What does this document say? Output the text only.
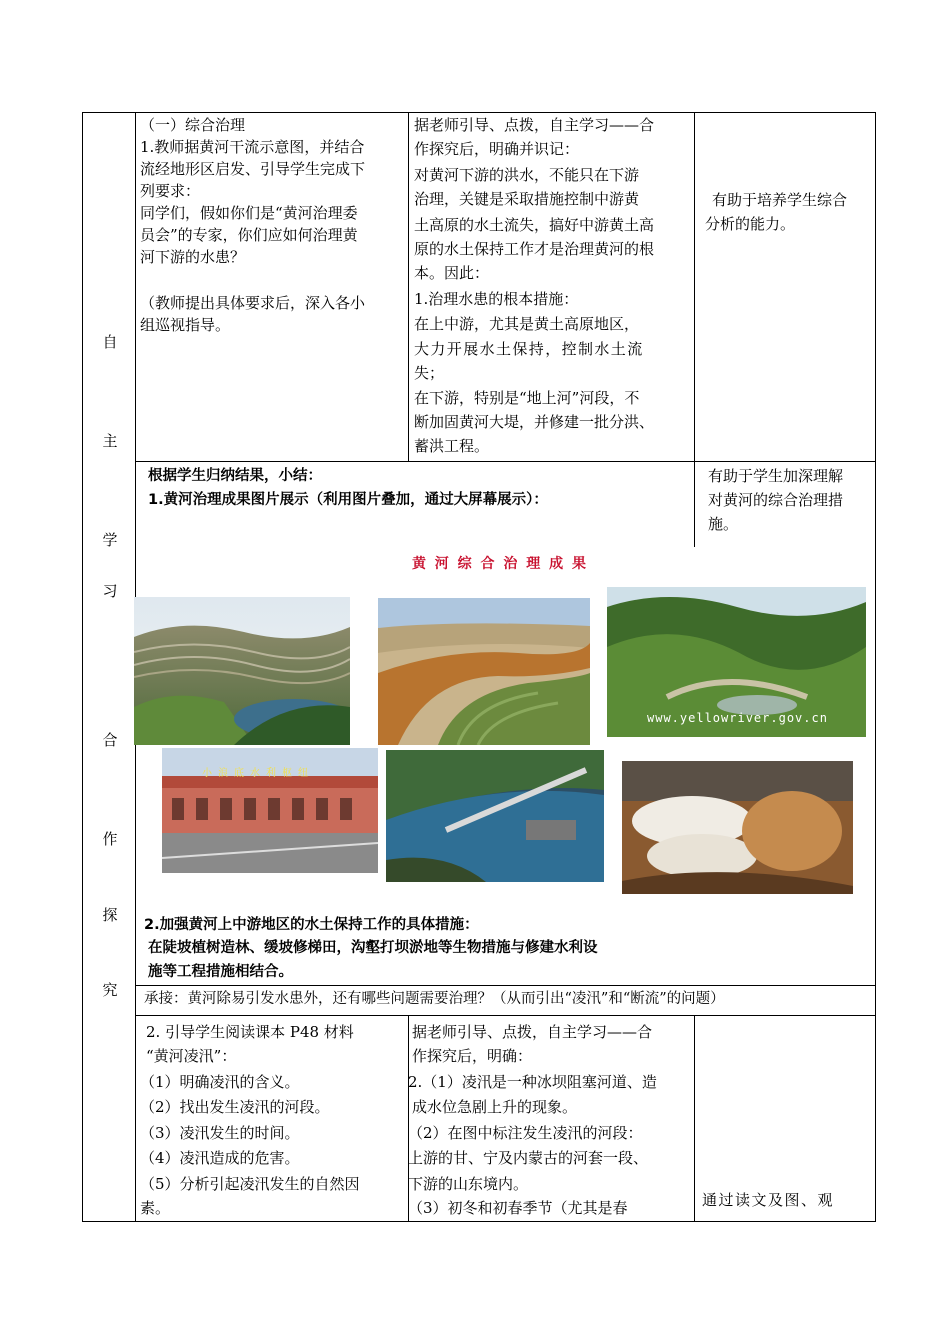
自
主
学
习
合
作
探
究
（一）综合治理
1.教师据黄河干流示意图，并结合
流经地形区启发、引导学生完成下
列要求：
同学们，假如你们是“黄河治理委
员会”的专家，你们应如何治理黄
河下游的水患？
（教师提出具体要求后，深入各小
组巡视指导。
据老师引导、点拨，自主学习——合
作探究后，明确并识记：
对黄河下游的洪水，不能只在下游
治理，关键是采取措施控制中游黄
土高原的水土流失，搞好中游黄土高
原的水土保持工作才是治理黄河的根
本。因此：
1.治理水患的根本措施：
在上中游，尤其是黄土高原地区，
大力开展水土保持，控制水土流
失；
在下游，特别是“地上河”河段，不
断加固黄河大堤，并修建一批分洪、
蓄洪工程。
有助于培养学生综合
分析的能力。
根据学生归纳结果，小结：
1.黄河治理成果图片展示（利用图片叠加，通过大屏幕展示）：
有助于学生加深理解
对黄河的综合治理措
施。
黄 河 综 合 治 理 成 果
www.yellowriver.gov.cn
小浪底水利枢纽
2.加强黄河上中游地区的水土保持工作的具体措施：
在陡坡植树造林、缓坡修梯田，沟壑打坝淤地等生物措施与修建水利设
施等工程措施相结合。
承接：黄河除易引发水患外，还有哪些问题需要治理？（从而引出“凌汛”和“断流”的问题）
2. 引导学生阅读课本 P48 材料
“黄河凌汛”：
（1）明确凌汛的含义。
（2）找出发生凌汛的河段。
（3）凌汛发生的时间。
（4）凌汛造成的危害。
（5）分析引起凌汛发生的自然因
素。
据老师引导、点拨，自主学习——合
作探究后，明确：
2.（1）凌汛是一种冰坝阻塞河道、造
成水位急剧上升的现象。
（2）在图中标注发生凌汛的河段：
上游的甘、宁及内蒙古的河套一段、
下游的山东境内。
（3）初冬和初春季节（尤其是春	通过读文及图、观
